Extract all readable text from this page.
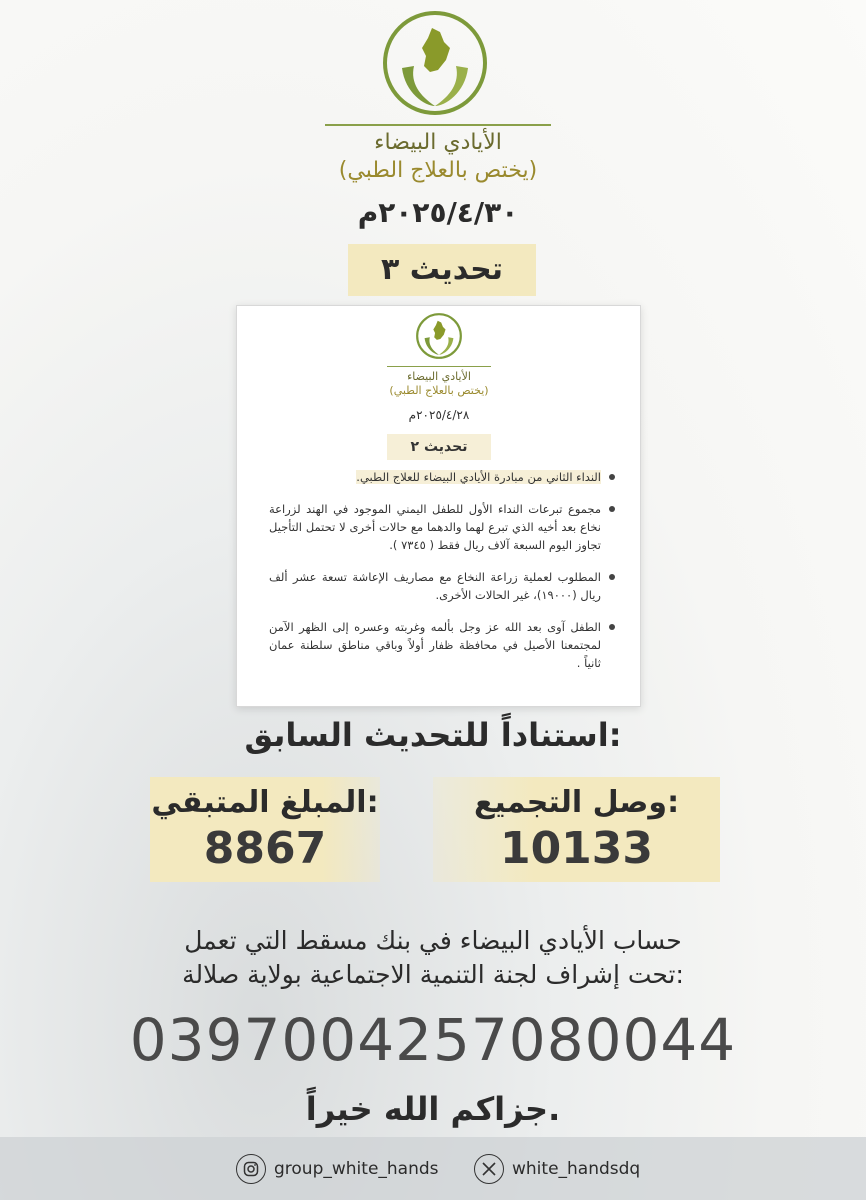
الأيادي البيضاء
(يختص بالعلاج الطبي)
٢٠٢٥/٤/٣٠م
تحديث ٣
الأيادي البيضاء
(يختص بالعلاج الطبي)
٢٠٢٥/٤/٢٨م
تحديث ٢
النداء الثاني من مبادرة الأيادي البيضاء للعلاج الطبي.
مجموع تبرعات النداء الأول للطفل اليمني الموجود في الهند لزراعة نخاع بعد أخيه الذي تبرع لهما والدهما مع حالات أخرى لا تحتمل التأجيل تجاوز اليوم السبعة آلاف ريال فقط ( ٧٣٤٥ ).
المطلوب لعملية زراعة النخاع مع مصاريف الإعاشة تسعة عشر ألف ريال (١٩٠٠٠)، غير الحالات الأخرى.
الطفل آوى بعد الله عز وجل بألمه وغربته وعسره إلى الظهر الآمن لمجتمعنا الأصيل في محافظة ظفار أولاً وباقي مناطق سلطنة عمان ثانياً .
استناداً للتحديث السابق:
وصل التجميع:
10133
المبلغ المتبقي:
8867
حساب الأيادي البيضاء في بنك مسقط التي تعمل
تحت إشراف لجنة التنمية الاجتماعية بولاية صلالة:
0397004257080044
جزاكم الله خيراً.
group_white_hands	white_handsdq
